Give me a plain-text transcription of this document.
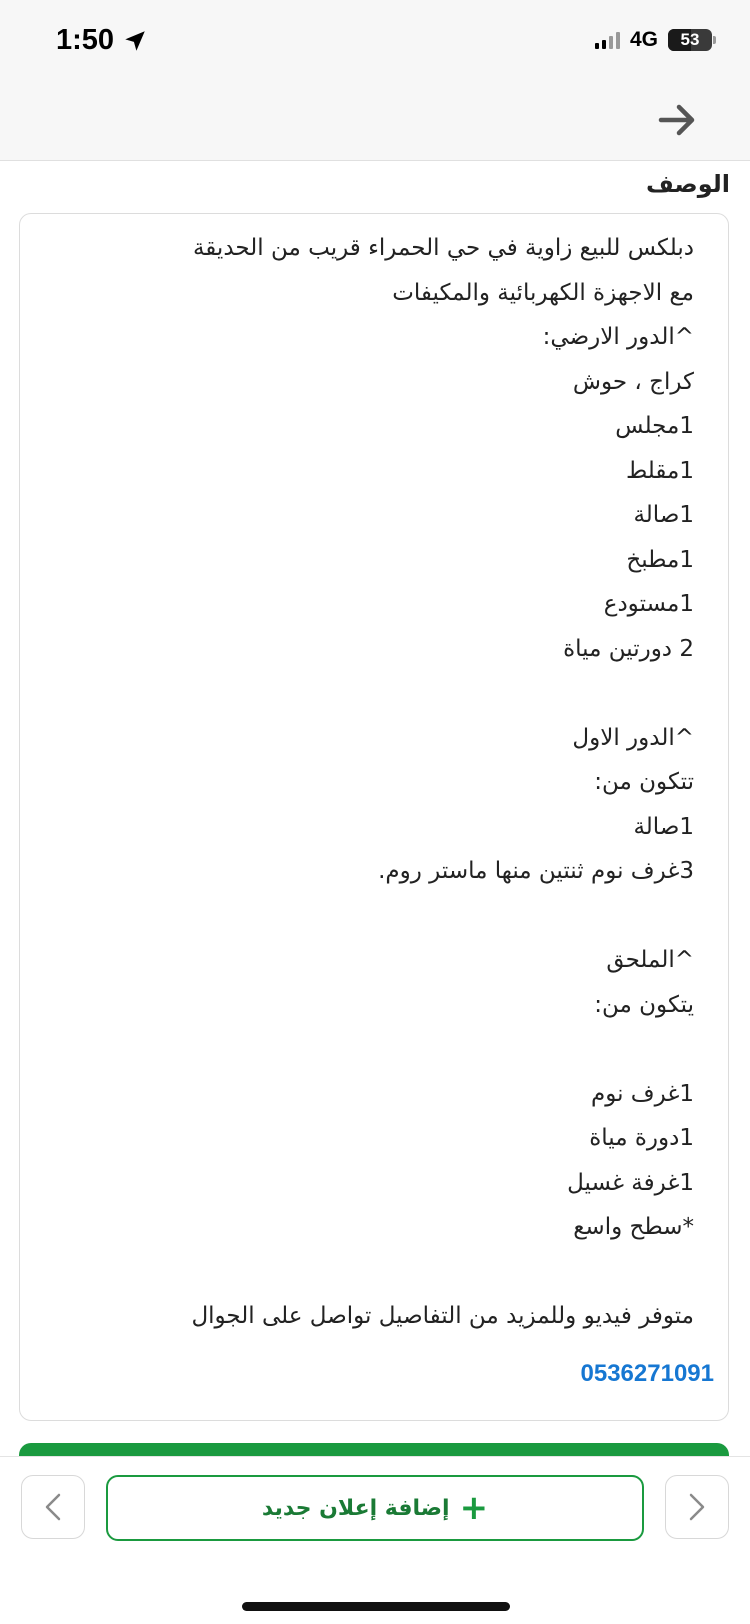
1:50	4G 53
الوصف
دبلكس للبيع زاوية في حي الحمراء قريب من الحديقة
مع الاجهزة الكهربائية والمكيفات
^الدور الارضي:
كراج ، حوش
1مجلس
1مقلط
1صالة
1مطبخ
1مستودع
2 دورتين مياة
^الدور الاول
تتكون من:
1صالة
3غرف نوم ثنتين منها ماستر روم.
^الملحق
يتكون من:
1غرف نوم
1دورة مياة
1غرفة غسيل
*سطح واسع
متوفر فيديو وللمزيد من التفاصيل تواصل على الجوال
0536271091
+
إضافة إعلان جديد
